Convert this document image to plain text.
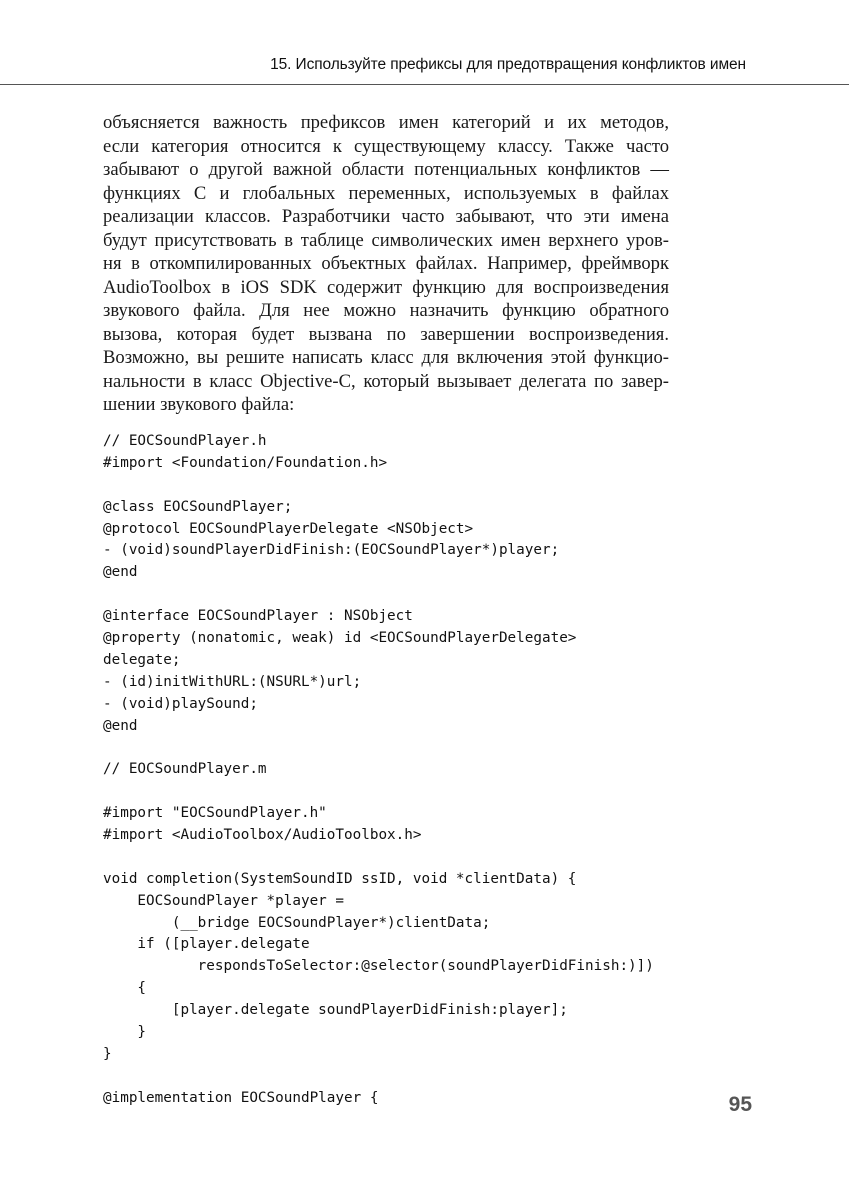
15. Используйте префиксы для предотвращения конфликтов имен
объясняется важность префиксов имен категорий и их методов,
если категория относится к существующему классу. Также часто
забывают о другой важной области потенциальных конфликтов —
функциях C и глобальных переменных, используемых в файлах
реализации классов. Разработчики часто забывают, что эти имена
будут присутствовать в таблице символических имен верхнего уров-
ня в откомпилированных объектных файлах. Например, фреймворк
AudioToolbox в iOS SDK содержит функцию для воспроизведения
звукового файла. Для нее можно назначить функцию обратного
вызова, которая будет вызвана по завершении воспроизведения.
Возможно, вы решите написать класс для включения этой функцио-
нальности в класс Objective-C, который вызывает делегата по завер-
шении звукового файла:
// EOCSoundPlayer.h
#import <Foundation/Foundation.h>
@class EOCSoundPlayer;
@protocol EOCSoundPlayerDelegate <NSObject>
- (void)soundPlayerDidFinish:(EOCSoundPlayer*)player;
@end
@interface EOCSoundPlayer : NSObject
@property (nonatomic, weak) id <EOCSoundPlayerDelegate>
delegate;
- (id)initWithURL:(NSURL*)url;
- (void)playSound;
@end
// EOCSoundPlayer.m
#import "EOCSoundPlayer.h"
#import <AudioToolbox/AudioToolbox.h>
void completion(SystemSoundID ssID, void *clientData) {
EOCSoundPlayer *player =
(__bridge EOCSoundPlayer*)clientData;
if ([player.delegate
respondsToSelector:@selector(soundPlayerDidFinish:)])
{
[player.delegate soundPlayerDidFinish:player];
}
}
@implementation EOCSoundPlayer {	95
